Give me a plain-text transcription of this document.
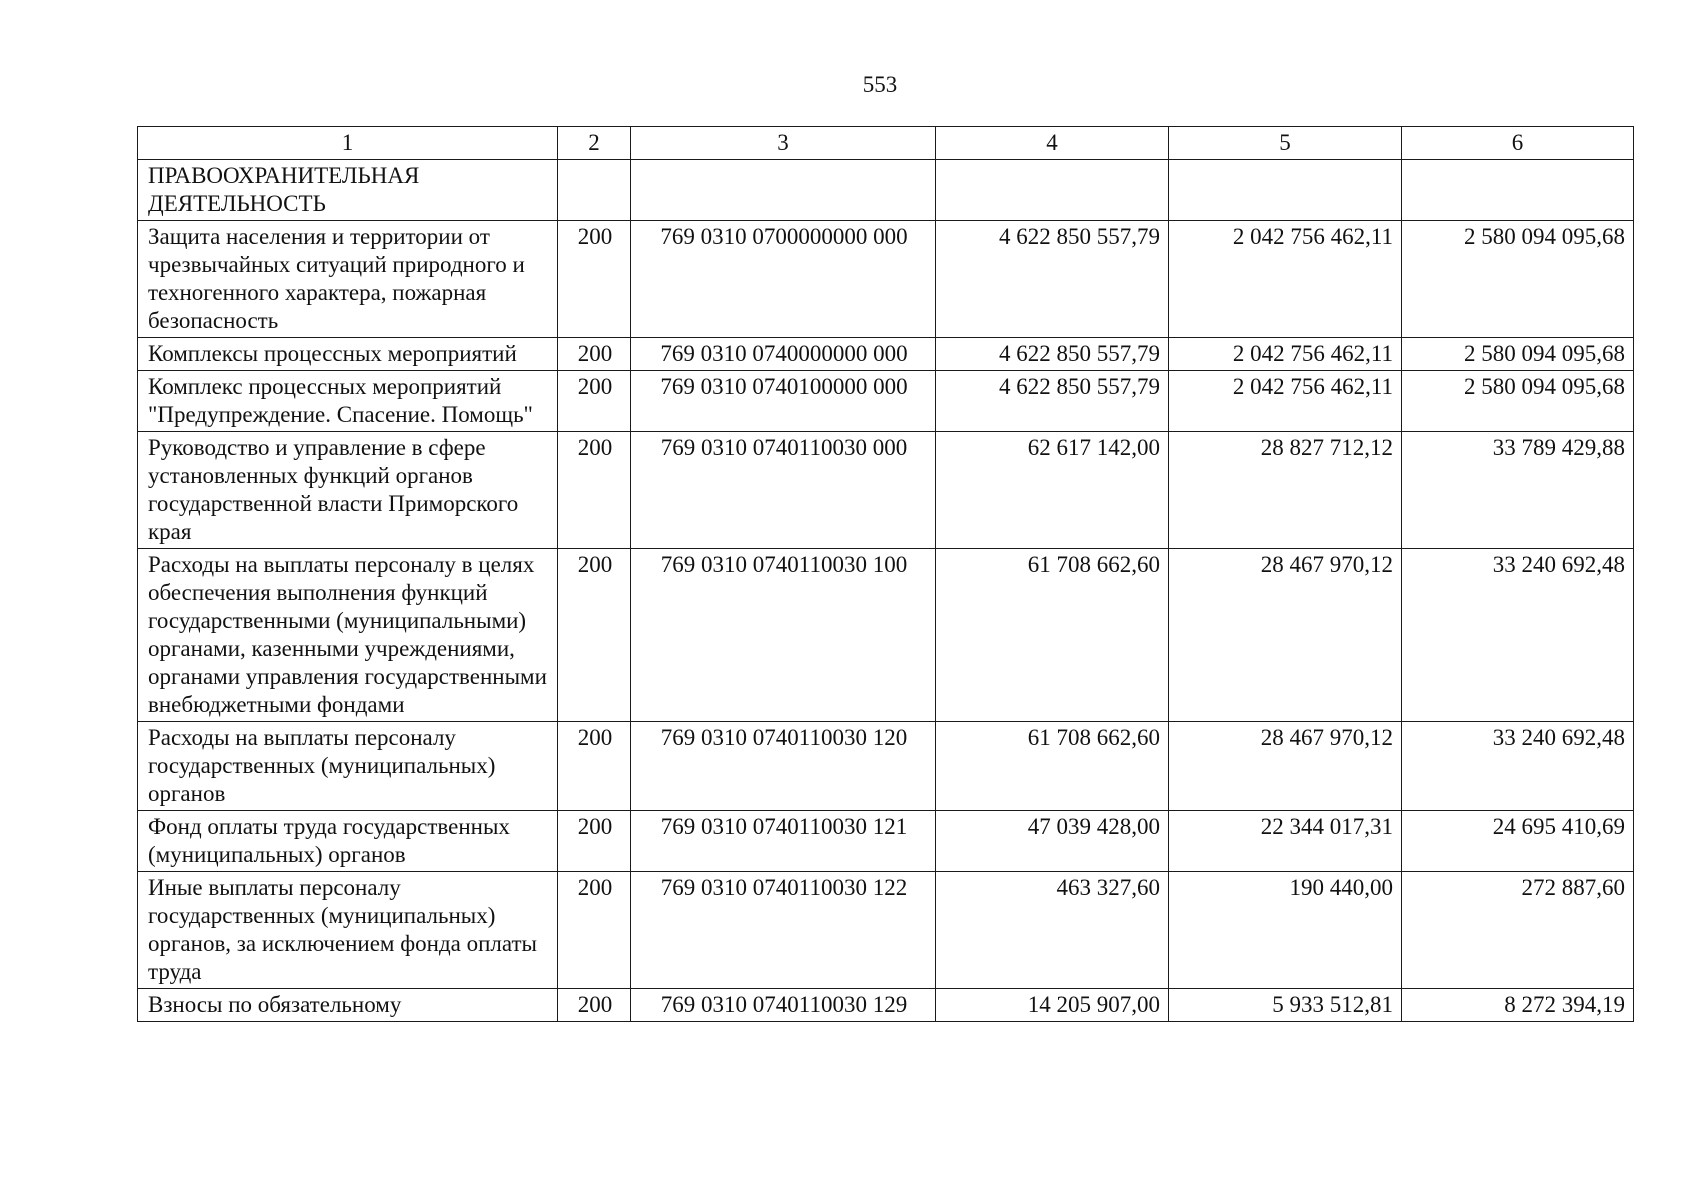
553
1	2	3	4	5	6
ПРАВООХРАНИТЕЛЬНАЯ ДЕЯТЕЛЬНОСТЬ					
Защита населения и территории от чрезвычайных ситуаций природного и техногенного характера, пожарная безопасность	200	769 0310 0700000000 000	4 622 850 557,79	2 042 756 462,11	2 580 094 095,68
Комплексы процессных мероприятий	200	769 0310 0740000000 000	4 622 850 557,79	2 042 756 462,11	2 580 094 095,68
Комплекс процессных мероприятий "Предупреждение. Спасение. Помощь"	200	769 0310 0740100000 000	4 622 850 557,79	2 042 756 462,11	2 580 094 095,68
Руководство и управление в сфере установленных функций органов государственной власти Приморского края	200	769 0310 0740110030 000	62 617 142,00	28 827 712,12	33 789 429,88
Расходы на выплаты персоналу в целях обеспечения выполнения функций государственными (муниципальными) органами, казенными учреждениями, органами управления государственными внебюджетными фондами	200	769 0310 0740110030 100	61 708 662,60	28 467 970,12	33 240 692,48
Расходы на выплаты персоналу государственных (муниципальных) органов	200	769 0310 0740110030 120	61 708 662,60	28 467 970,12	33 240 692,48
Фонд оплаты труда государственных (муниципальных) органов	200	769 0310 0740110030 121	47 039 428,00	22 344 017,31	24 695 410,69
Иные выплаты персоналу государственных (муниципальных) органов, за исключением фонда оплаты труда	200	769 0310 0740110030 122	463 327,60	190 440,00	272 887,60
Взносы по обязательному	200	769 0310 0740110030 129	14 205 907,00	5 933 512,81	8 272 394,19
